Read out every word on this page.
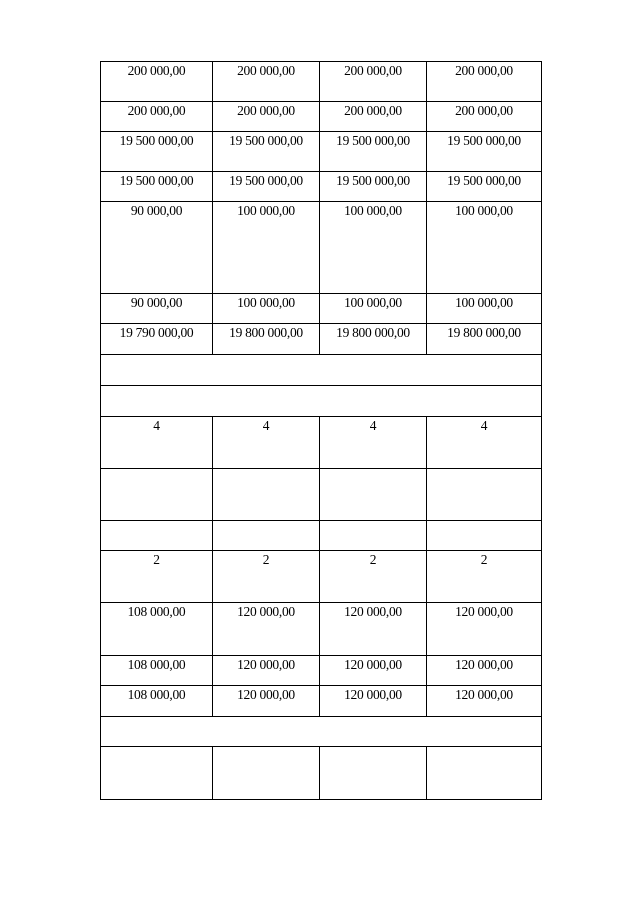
200 000,00	200 000,00	200 000,00	200 000,00

200 000,00	200 000,00	200 000,00	200 000,00

19 500 000,00	19 500 000,00	19 500 000,00	19 500 000,00

19 500 000,00	19 500 000,00	19 500 000,00	19 500 000,00

90 000,00	100 000,00	100 000,00	100 000,00

90 000,00	100 000,00	100 000,00	100 000,00

19 790 000,00	19 800 000,00	19 800 000,00	19 800 000,00

4	4	4	4

2	2	2	2

108 000,00	120 000,00	120 000,00	120 000,00

108 000,00	120 000,00	120 000,00	120 000,00

108 000,00	120 000,00	120 000,00	120 000,00
